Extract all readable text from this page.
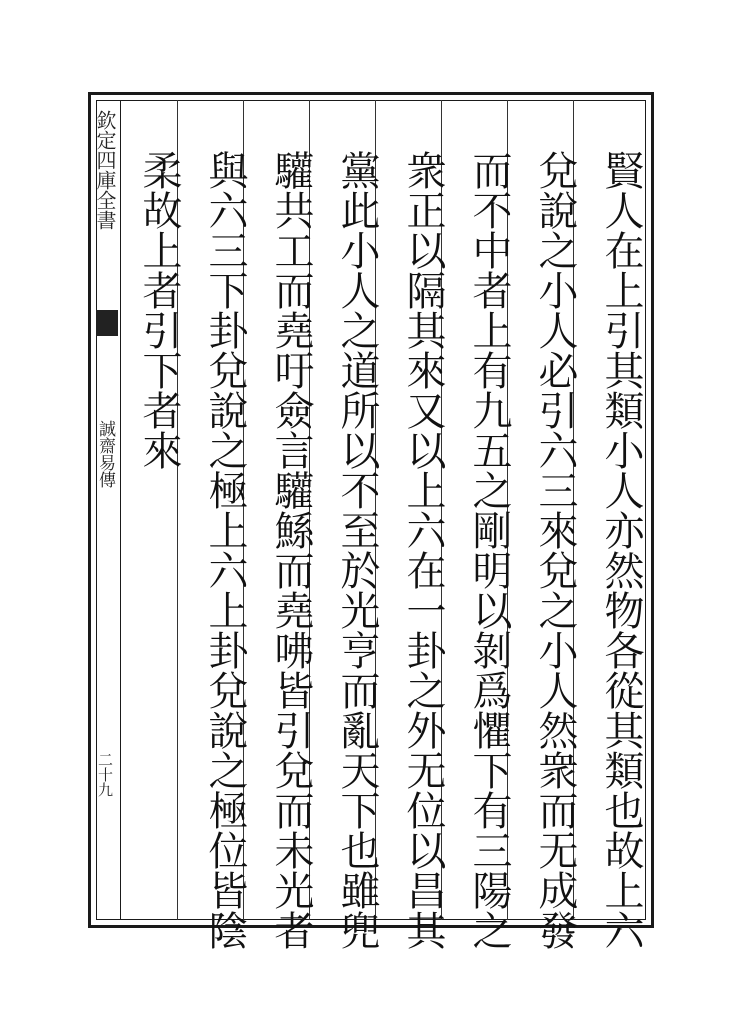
欽定四庫全書
誠齋易傳
二十九	賢人在上引其類小人亦然物各從其類也故上六
兌說之小人必引六三來兌之小人然衆而无成發
而不中者上有九五之剛明以剝爲懼下有三陽之
衆正以隔其來又以上六在一卦之外无位以昌其
黨此小人之道所以不至於光亨而亂天下也雖兜
驩共工而堯吁僉言驩鯀而堯咈皆引兌而未光者
與六三下卦兌說之極上六上卦兌說之極位皆陰
柔故上者引下者來
